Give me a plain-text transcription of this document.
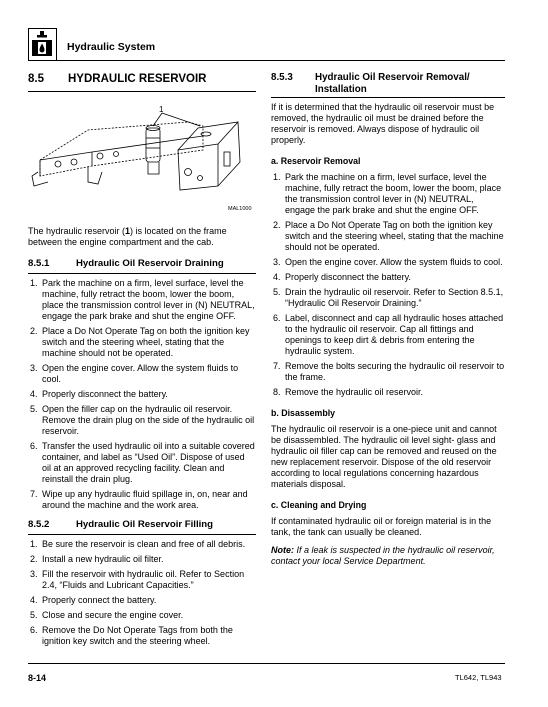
Hydraulic System
8.5	HYDRAULIC RESERVOIR
1
MAL1000

The hydraulic reservoir (1) is located on the frame between the engine compartment and the cab.

8.5.1	Hydraulic Oil Reservoir Draining
1. Park the machine on a firm, level surface, level the machine, fully retract the boom, lower the boom, place the transmission control lever in (N) NEUTRAL, engage the park brake and shut the engine OFF.
2. Place a Do Not Operate Tag on both the ignition key switch and the steering wheel, stating that the machine should not be operated.
3. Open the engine cover. Allow the system fluids to cool.
4. Properly disconnect the battery.
5. Open the filler cap on the hydraulic oil reservoir. Remove the drain plug on the side of the hydraulic oil reservoir.
6. Transfer the used hydraulic oil into a suitable covered container, and label as “Used Oil”. Dispose of used oil at an approved recycling facility. Clean and reinstall the drain plug.
7. Wipe up any hydraulic fluid spillage in, on, near and around the machine and the work area.
8.5.2	Hydraulic Oil Reservoir Filling
1. Be sure the reservoir is clean and free of all debris.
2. Install a new hydraulic oil filter.
3. Fill the reservoir with hydraulic oil. Refer to Section 2.4, “Fluids and Lubricant Capacities.”
4. Properly connect the battery.
5. Close and secure the engine cover.
6. Remove the Do Not Operate Tags from both the ignition key switch and the steering wheel.
8.5.3	Hydraulic Oil Reservoir Removal/
Installation

If it is determined that the hydraulic oil reservoir must be removed, the hydraulic oil must be drained before the reservoir is removed. Always dispose of hydraulic oil properly.

a. Reservoir Removal
1. Park the machine on a firm, level surface, level the machine, fully retract the boom, lower the boom, place the transmission control lever in (N) NEUTRAL, engage the park brake and shut the engine OFF.
2. Place a Do Not Operate Tag on both the ignition key switch and the steering wheel, stating that the machine should not be operated.
3. Open the engine cover. Allow the system fluids to cool.
4. Properly disconnect the battery.
5. Drain the hydraulic oil reservoir. Refer to Section 8.5.1, “Hydraulic Oil Reservoir Draining.”
6. Label, disconnect and cap all hydraulic hoses attached to the hydraulic oil reservoir. Cap all fittings and openings to keep dirt & debris from entering the hydraulic system.
7. Remove the bolts securing the hydraulic oil reservoir to the frame.
8. Remove the hydraulic oil reservoir.
b. Disassembly

The hydraulic oil reservoir is a one-piece unit and cannot be disassembled. The hydraulic oil level sight- glass and hydraulic oil filler cap can be removed and reused on the new replacement reservoir. Dispose of the old reservoir according to local regulations concerning hazardous materials disposal.

c. Cleaning and Drying

If contaminated hydraulic oil or foreign material is in the tank, the tank can usually be cleaned.

Note: If a leak is suspected in the hydraulic oil reservoir, contact your local Service Department.

8-14	TL642, TL943
